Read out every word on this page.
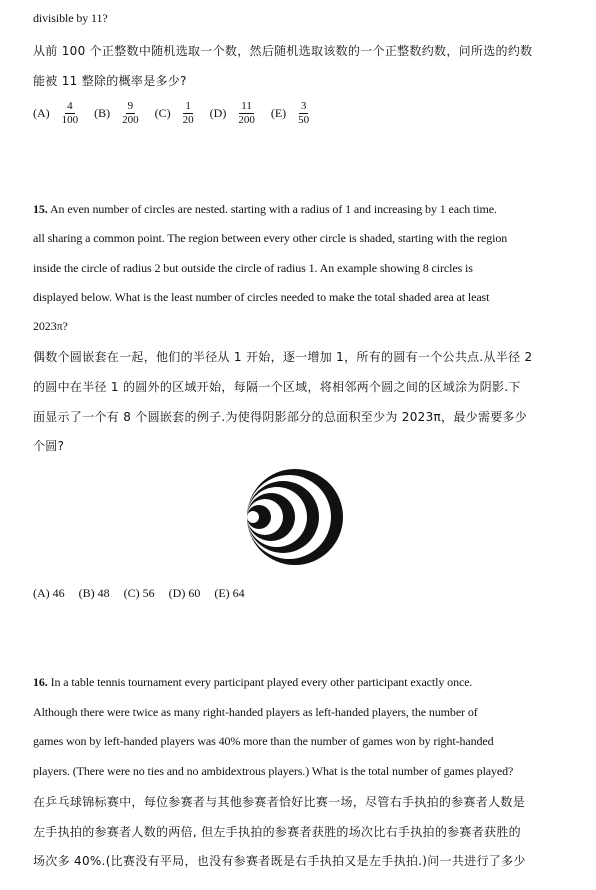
divisible by 11?
从前 100 个正整数中随机选取一个数，然后随机选取该数的一个正整数约数，问所选的约数
能被 11 整除的概率是多少?
$(A) \frac{4}{100} (B) \frac{9}{200} (C) \frac{1}{20} (D) \frac{11}{200} (E) \frac{3}{50}$
15. An even number of circles are nested. starting with a radius of 1 and increasing by 1 each time.
all sharing a common point. The region between every other circle is shaded, starting with the region
inside the circle of radius 2 but outside the circle of radius 1. An example showing 8 circles is
displayed below. What is the least number of circles needed to make the total shaded area at least
2023π?
偶数个圆嵌套在一起，他们的半径从 1 开始，逐一增加 1，所有的圆有一个公共点.从半径 2
的圆中在半径 1 的圆外的区域开始，每隔一个区域，将相邻两个圆之间的区域涂为阴影.下
面显示了一个有 8 个圆嵌套的例子.为使得阴影部分的总面积至少为 2023π，最少需要多少
个圆?
(A) 46 (B) 48 (C) 56 (D) 60 (E) 64
16. In a table tennis tournament every participant played every other participant exactly once.
Although there were twice as many right-handed players as left-handed players, the number of
games won by left-handed players was 40% more than the number of games won by right-handed
players. (There were no ties and no ambidextrous players.) What is the total number of games played?
在乒乓球锦标赛中，每位参赛者与其他参赛者恰好比赛一场，尽管右手执拍的参赛者人数是
左手执拍的参赛者人数的两倍, 但左手执拍的参赛者获胜的场次比右手执拍的参赛者获胜的
场次多 40%.(比赛没有平局，也没有参赛者既是右手执拍又是左手执拍.)问一共进行了多少
